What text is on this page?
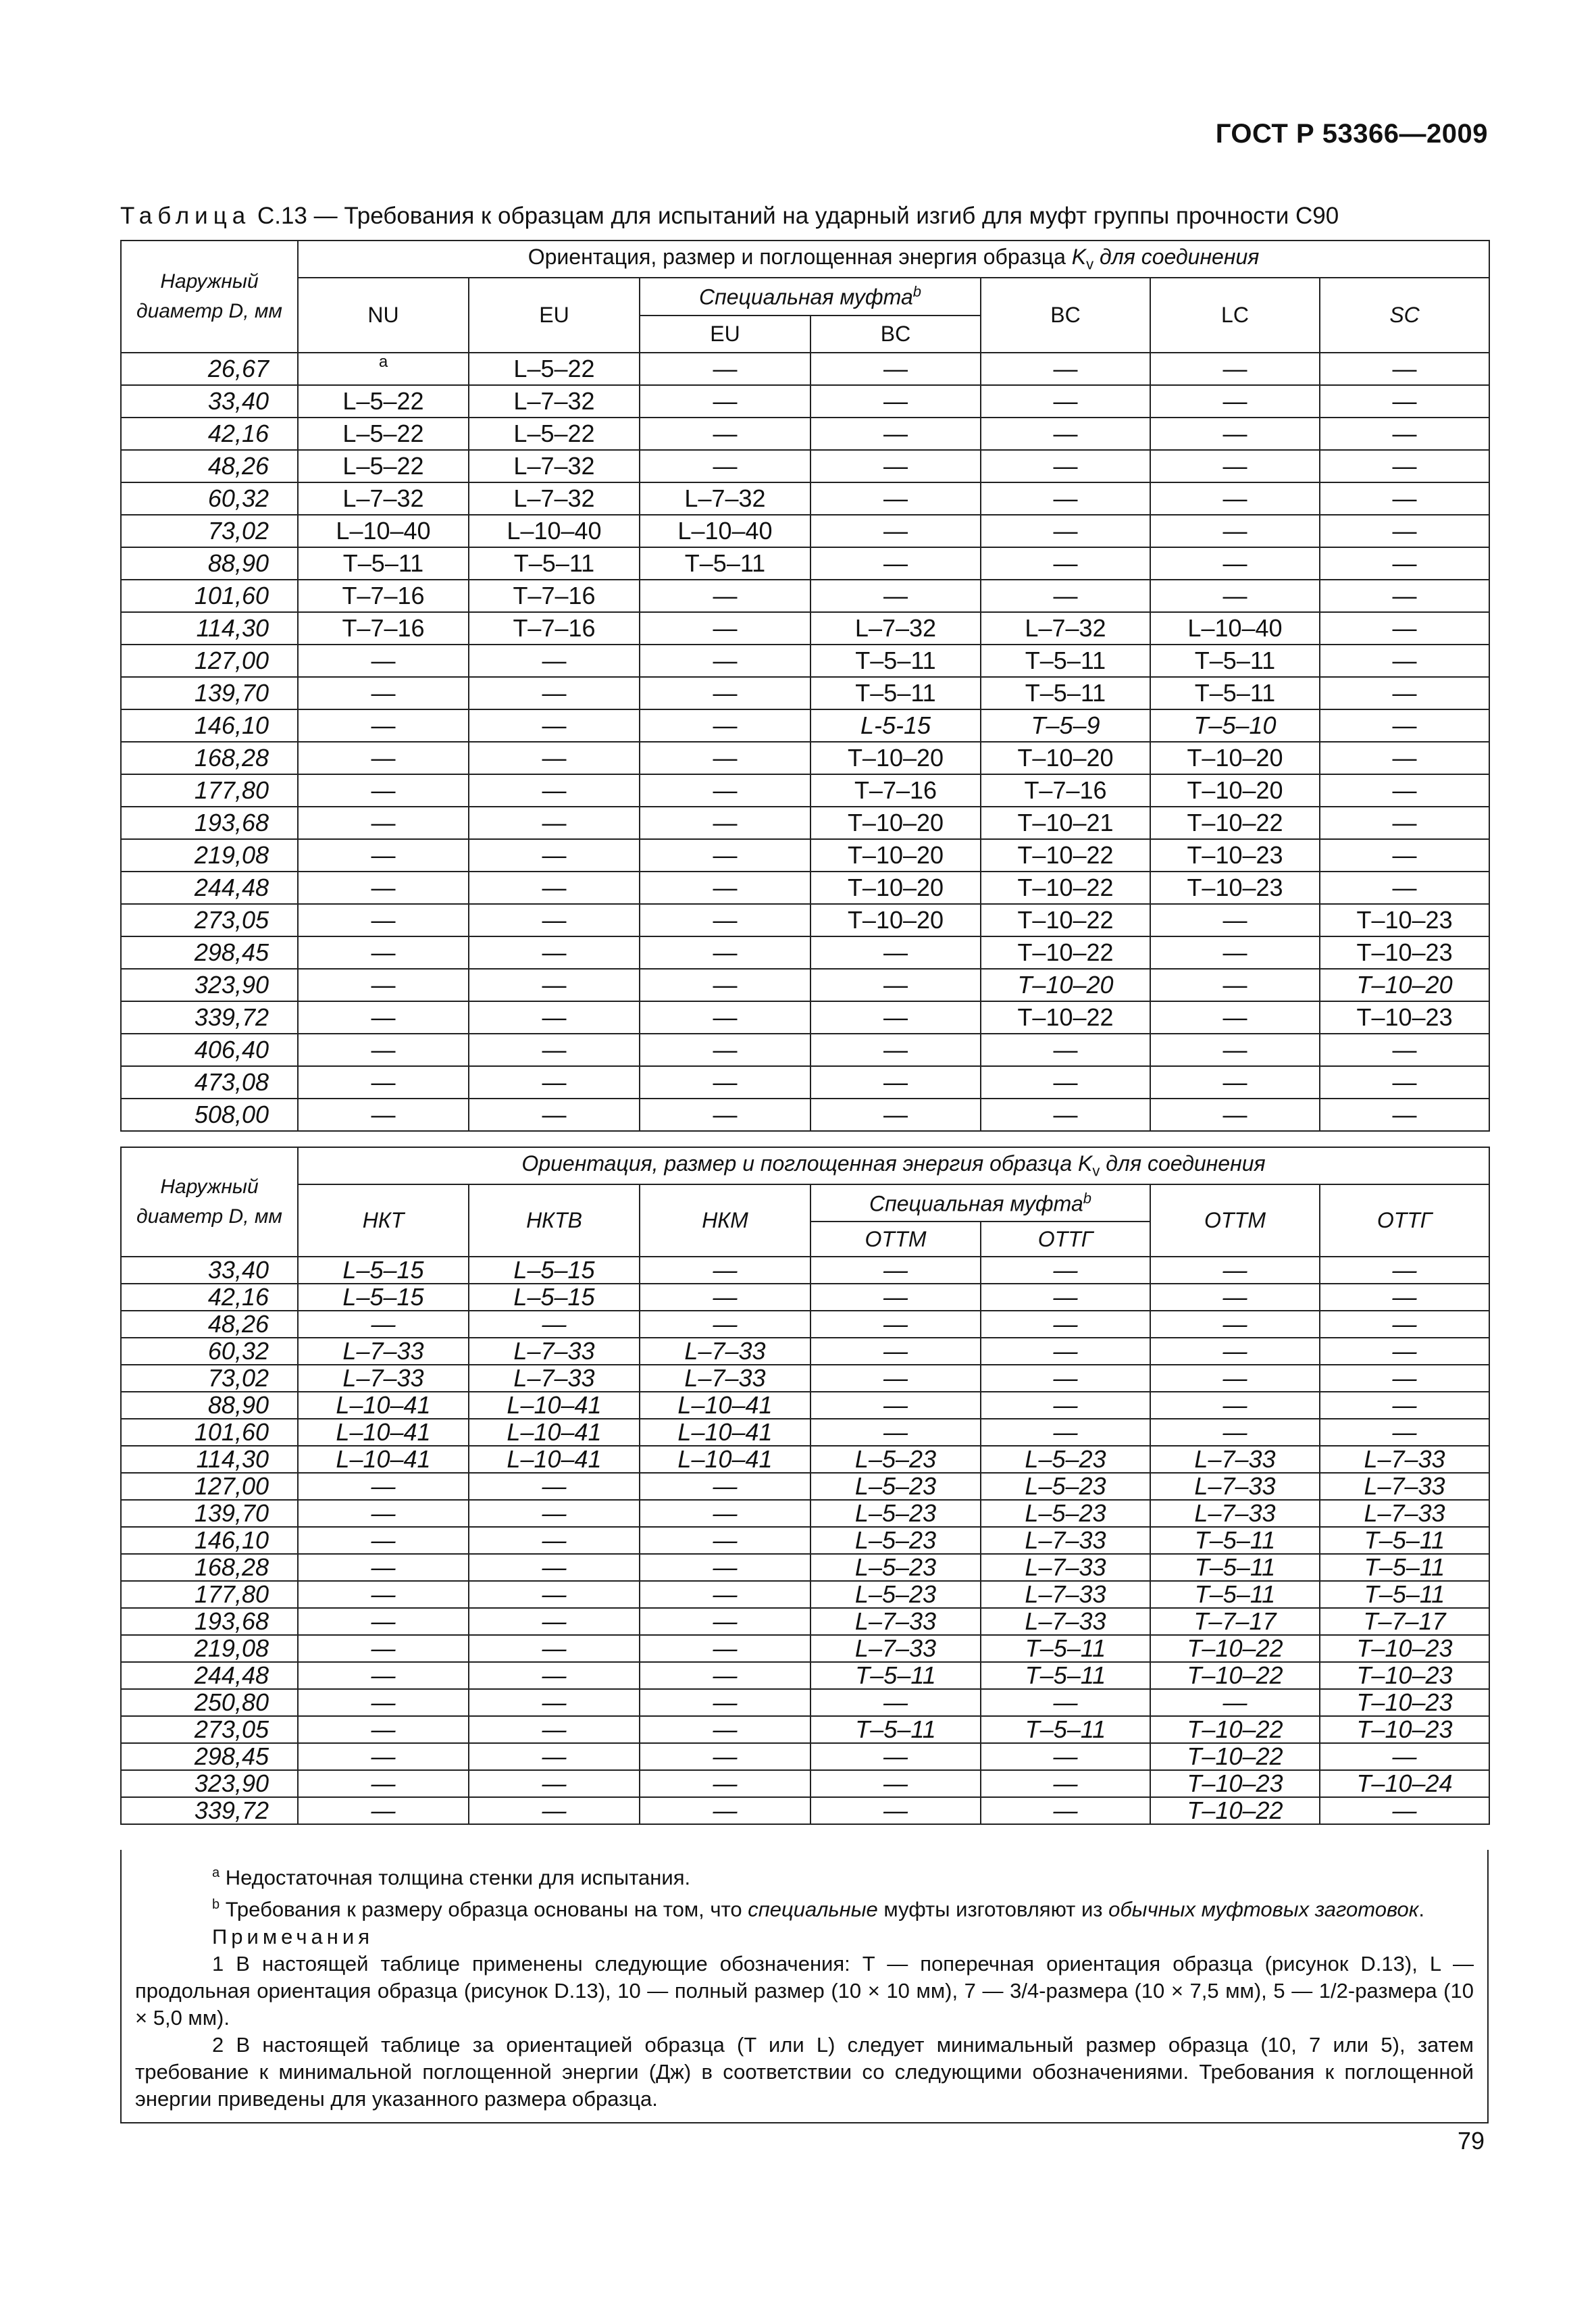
ГОСТ Р 53366—2009
Таблица С.13 — Требования к образцам для испытаний на ударный изгиб для муфт группы прочности С90
Наружный диаметр D, мм	Ориентация, размер и поглощенная энергия образца $K_v$ для соединения						
	NU	EU	Специальная муфта$^b$		BC	LC	SC
			EU	BC			
26,67	a	L–5–22	—	—	—	—	—
33,40	L–5–22	L–7–32	—	—	—	—	—
42,16	L–5–22	L–5–22	—	—	—	—	—
48,26	L–5–22	L–7–32	—	—	—	—	—
60,32	L–7–32	L–7–32	L–7–32	—	—	—	—
73,02	L–10–40	L–10–40	L–10–40	—	—	—	—
88,90	T–5–11	T–5–11	T–5–11	—	—	—	—
101,60	T–7–16	T–7–16	—	—	—	—	—
114,30	T–7–16	T–7–16	—	L–7–32	L–7–32	L–10–40	—
127,00	—	—	—	T–5–11	T–5–11	T–5–11	—
139,70	—	—	—	T–5–11	T–5–11	T–5–11	—
146,10	—	—	—	L-5-15	T–5–9	T–5–10	—
168,28	—	—	—	T–10–20	T–10–20	T–10–20	—
177,80	—	—	—	T–7–16	T–7–16	T–10–20	—
193,68	—	—	—	T–10–20	T–10–21	T–10–22	—
219,08	—	—	—	T–10–20	T–10–22	T–10–23	—
244,48	—	—	—	T–10–20	T–10–22	T–10–23	—
273,05	—	—	—	T–10–20	T–10–22	—	T–10–23
298,45	—	—	—	—	T–10–22	—	T–10–23
323,90	—	—	—	—	T–10–20	—	T–10–20
339,72	—	—	—	—	T–10–22	—	T–10–23
406,40	—	—	—	—	—	—	—
473,08	—	—	—	—	—	—	—
508,00	—	—	—	—	—	—	—
Наружный диаметр D, мм	Ориентация, размер и поглощенная энергия образца $K_v$ для соединения						
	НКТ	НКТВ	НКМ	Специальная муфта$^b$		ОТТМ	ОТТГ
				ОТТМ	ОТТГ		
33,40	L–5–15	L–5–15	—	—	—	—	—
42,16	L–5–15	L–5–15	—	—	—	—	—
48,26	—	—	—	—	—	—	—
60,32	L–7–33	L–7–33	L–7–33	—	—	—	—
73,02	L–7–33	L–7–33	L–7–33	—	—	—	—
88,90	L–10–41	L–10–41	L–10–41	—	—	—	—
101,60	L–10–41	L–10–41	L–10–41	—	—	—	—
114,30	L–10–41	L–10–41	L–10–41	L–5–23	L–5–23	L–7–33	L–7–33
127,00	—	—	—	L–5–23	L–5–23	L–7–33	L–7–33
139,70	—	—	—	L–5–23	L–5–23	L–7–33	L–7–33
146,10	—	—	—	L–5–23	L–7–33	T–5–11	T–5–11
168,28	—	—	—	L–5–23	L–7–33	T–5–11	T–5–11
177,80	—	—	—	L–5–23	L–7–33	T–5–11	T–5–11
193,68	—	—	—	L–7–33	L–7–33	T–7–17	T–7–17
219,08	—	—	—	L–7–33	T–5–11	T–10–22	T–10–23
244,48	—	—	—	T–5–11	T–5–11	T–10–22	T–10–23
250,80	—	—	—	—	—	—	T–10–23
273,05	—	—	—	T–5–11	T–5–11	T–10–22	T–10–23
298,45	—	—	—	—	—	T–10–22	—
323,90	—	—	—	—	—	T–10–23	T–10–24
339,72	—	—	—	—	—	T–10–22	—

$^a$ Недостаточная толщина стенки для испытания.

$^b$ Требования к размеру образца основаны на том, что специальные муфты изготовляют из обычных муфтовых заготовок.

Примечания

1 В настоящей таблице применены следующие обозначения: T — поперечная ориентация образца (рисунок D.13), L — продольная ориентация образца (рисунок D.13), 10 — полный размер (10 × 10 мм), 7 — 3/4-размера (10 × 7,5 мм), 5 — 1/2-размера (10 × 5,0 мм).

2 В настоящей таблице за ориентацией образца (T или L) следует минимальный размер образца (10, 7 или 5), затем требование к минимальной поглощенной энергии (Дж) в соответствии со следующими обозначениями. Требования к поглощенной энергии приведены для указанного размера образца.

79
